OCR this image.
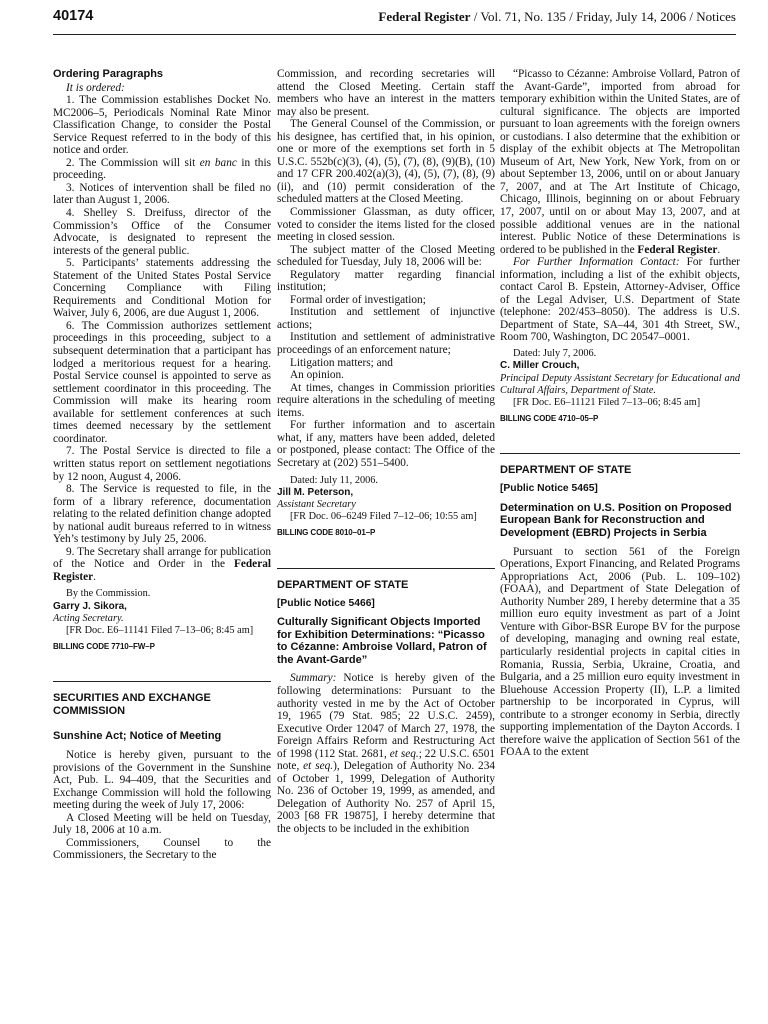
40174	Federal Register / Vol. 71, No. 135 / Friday, July 14, 2006 / Notices
Ordering Paragraphs

It is ordered:

1. The Commission establishes Docket No. MC2006–5, Periodicals Nominal Rate Minor Classification Change, to consider the Postal Service Request referred to in the body of this notice and order.

2. The Commission will sit en banc in this proceeding.

3. Notices of intervention shall be filed no later than August 1, 2006.

4. Shelley S. Dreifuss, director of the Commission’s Office of the Consumer Advocate, is designated to represent the interests of the general public.

5. Participants’ statements addressing the Statement of the United States Postal Service Concerning Compliance with Filing Requirements and Conditional Motion for Waiver, July 6, 2006, are due August 1, 2006.

6. The Commission authorizes settlement proceedings in this proceeding, subject to a subsequent determination that a participant has lodged a meritorious request for a hearing. Postal Service counsel is appointed to serve as settlement coordinator in this proceeding. The Commission will make its hearing room available for settlement conferences at such times deemed necessary by the settlement coordinator.

7. The Postal Service is directed to file a written status report on settlement negotiations by 12 noon, August 4, 2006.

8. The Service is requested to file, in the form of a library reference, documentation relating to the related definition change adopted by national audit bureaus referred to in witness Yeh’s testimony by July 25, 2006.

9. The Secretary shall arrange for publication of the Notice and Order in the Federal Register.

By the Commission.

Garry J. Sikora,

Acting Secretary.

[FR Doc. E6–11141 Filed 7–13–06; 8:45 am]

BILLING CODE 7710–FW–P
SECURITIES AND EXCHANGE COMMISSION
Sunshine Act; Notice of Meeting

Notice is hereby given, pursuant to the provisions of the Government in the Sunshine Act, Pub. L. 94–409, that the Securities and Exchange Commission will hold the following meeting during the week of July 17, 2006:

A Closed Meeting will be held on Tuesday, July 18, 2006 at 10 a.m.

Commissioners, Counsel to the Commissioners, the Secretary to the

Commission, and recording secretaries will attend the Closed Meeting. Certain staff members who have an interest in the matters may also be present.

The General Counsel of the Commission, or his designee, has certified that, in his opinion, one or more of the exemptions set forth in 5 U.S.C. 552b(c)(3), (4), (5), (7), (8), (9)(B), (10) and 17 CFR 200.402(a)(3), (4), (5), (7), (8), (9)(ii), and (10) permit consideration of the scheduled matters at the Closed Meeting.

Commissioner Glassman, as duty officer, voted to consider the items listed for the closed meeting in closed session.

The subject matter of the Closed Meeting scheduled for Tuesday, July 18, 2006 will be:

Regulatory matter regarding financial institution;

Formal order of investigation;

Institution and settlement of injunctive actions;

Institution and settlement of administrative proceedings of an enforcement nature;

Litigation matters; and

An opinion.

At times, changes in Commission priorities require alterations in the scheduling of meeting items.

For further information and to ascertain what, if any, matters have been added, deleted or postponed, please contact: The Office of the Secretary at (202) 551–5400.

Dated: July 11, 2006.

Jill M. Peterson,

Assistant Secretary

[FR Doc. 06–6249 Filed 7–12–06; 10:55 am]

BILLING CODE 8010–01–P
DEPARTMENT OF STATE
[Public Notice 5466]
Culturally Significant Objects Imported for Exhibition Determinations: “Picasso to Cézanne: Ambroise Vollard, Patron of the Avant-Garde”

Summary: Notice is hereby given of the following determinations: Pursuant to the authority vested in me by the Act of October 19, 1965 (79 Stat. 985; 22 U.S.C. 2459), Executive Order 12047 of March 27, 1978, the Foreign Affairs Reform and Restructuring Act of 1998 (112 Stat. 2681, et seq.; 22 U.S.C. 6501 note, et seq.), Delegation of Authority No. 234 of October 1, 1999, Delegation of Authority No. 236 of October 19, 1999, as amended, and Delegation of Authority No. 257 of April 15, 2003 [68 FR 19875], I hereby determine that the objects to be included in the exhibition

“Picasso to Cézanne: Ambroise Vollard, Patron of the Avant-Garde”, imported from abroad for temporary exhibition within the United States, are of cultural significance. The objects are imported pursuant to loan agreements with the foreign owners or custodians. I also determine that the exhibition or display of the exhibit objects at The Metropolitan Museum of Art, New York, New York, from on or about September 13, 2006, until on or about January 7, 2007, and at The Art Institute of Chicago, Chicago, Illinois, beginning on or about February 17, 2007, until on or about May 13, 2007, and at possible additional venues are in the national interest. Public Notice of these Determinations is ordered to be published in the Federal Register.

For Further Information Contact: For further information, including a list of the exhibit objects, contact Carol B. Epstein, Attorney-Adviser, Office of the Legal Adviser, U.S. Department of State (telephone: 202/453–8050). The address is U.S. Department of State, SA–44, 301 4th Street, SW., Room 700, Washington, DC 20547–0001.

Dated: July 7, 2006.

C. Miller Crouch,

Principal Deputy Assistant Secretary for Educational and Cultural Affairs, Department of State.

[FR Doc. E6–11121 Filed 7–13–06; 8:45 am]

BILLING CODE 4710–05–P
DEPARTMENT OF STATE
[Public Notice 5465]
Determination on U.S. Position on Proposed European Bank for Reconstruction and Development (EBRD) Projects in Serbia

Pursuant to section 561 of the Foreign Operations, Export Financing, and Related Programs Appropriations Act, 2006 (Pub. L. 109–102) (FOAA), and Department of State Delegation of Authority Number 289, I hereby determine that a 35 million euro equity investment as part of a Joint Venture with Gibor-BSR Europe BV for the purpose of developing, managing and owning real estate, particularly residential projects in capital cities in Romania, Russia, Serbia, Ukraine, Croatia, and Bulgaria, and a 25 million euro equity investment in Bluehouse Accession Property (II), L.P. a limited partnership to be incorporated in Cyprus, will contribute to a stronger economy in Serbia, directly supporting implementation of the Dayton Accords. I therefore waive the application of Section 561 of the FOAA to the extent
